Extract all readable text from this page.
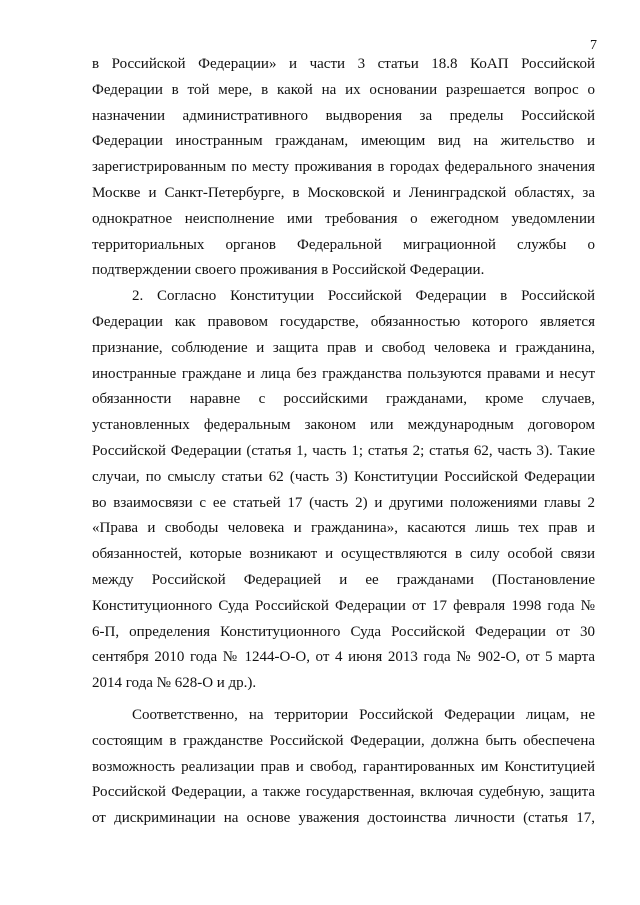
7
в Российской Федерации» и части 3 статьи 18.8 КоАП Российской
Федерации в той мере, в какой на их основании разрешается вопрос о
назначении административного выдворения за пределы Российской
Федерации иностранным гражданам, имеющим вид на жительство и
зарегистрированным по месту проживания в городах федерального значения
Москве и Санкт-Петербурге, в Московской и Ленинградской областях, за
однократное неисполнение ими требования о ежегодном уведомлении
территориальных органов Федеральной миграционной службы о
подтверждении своего проживания в Российской Федерации.
2. Согласно Конституции Российской Федерации в Российской
Федерации как правовом государстве, обязанностью которого является
признание, соблюдение и защита прав и свобод человека и гражданина,
иностранные граждане и лица без гражданства пользуются правами и несут
обязанности наравне с российскими гражданами, кроме случаев,
установленных федеральным законом или международным договором
Российской Федерации (статья 1, часть 1; статья 2; статья 62, часть 3). Такие
случаи, по смыслу статьи 62 (часть 3) Конституции Российской Федерации
во взаимосвязи с ее статьей 17 (часть 2) и другими положениями главы 2
«Права и свободы человека и гражданина», касаются лишь тех прав и
обязанностей, которые возникают и осуществляются в силу особой связи
между Российской Федерацией и ее гражданами (Постановление
Конституционного Суда Российской Федерации от 17 февраля 1998 года №
6-П, определения Конституционного Суда Российской Федерации от 30
сентября 2010 года № 1244-О-О, от 4 июня 2013 года № 902-О, от 5 марта
2014 года № 628-О и др.).
Соответственно, на территории Российской Федерации лицам, не
состоящим в гражданстве Российской Федерации, должна быть обеспечена
возможность реализации прав и свобод, гарантированных им Конституцией
Российской Федерации, а также государственная, включая судебную, защита
от дискриминации на основе уважения достоинства личности (статья 17,
